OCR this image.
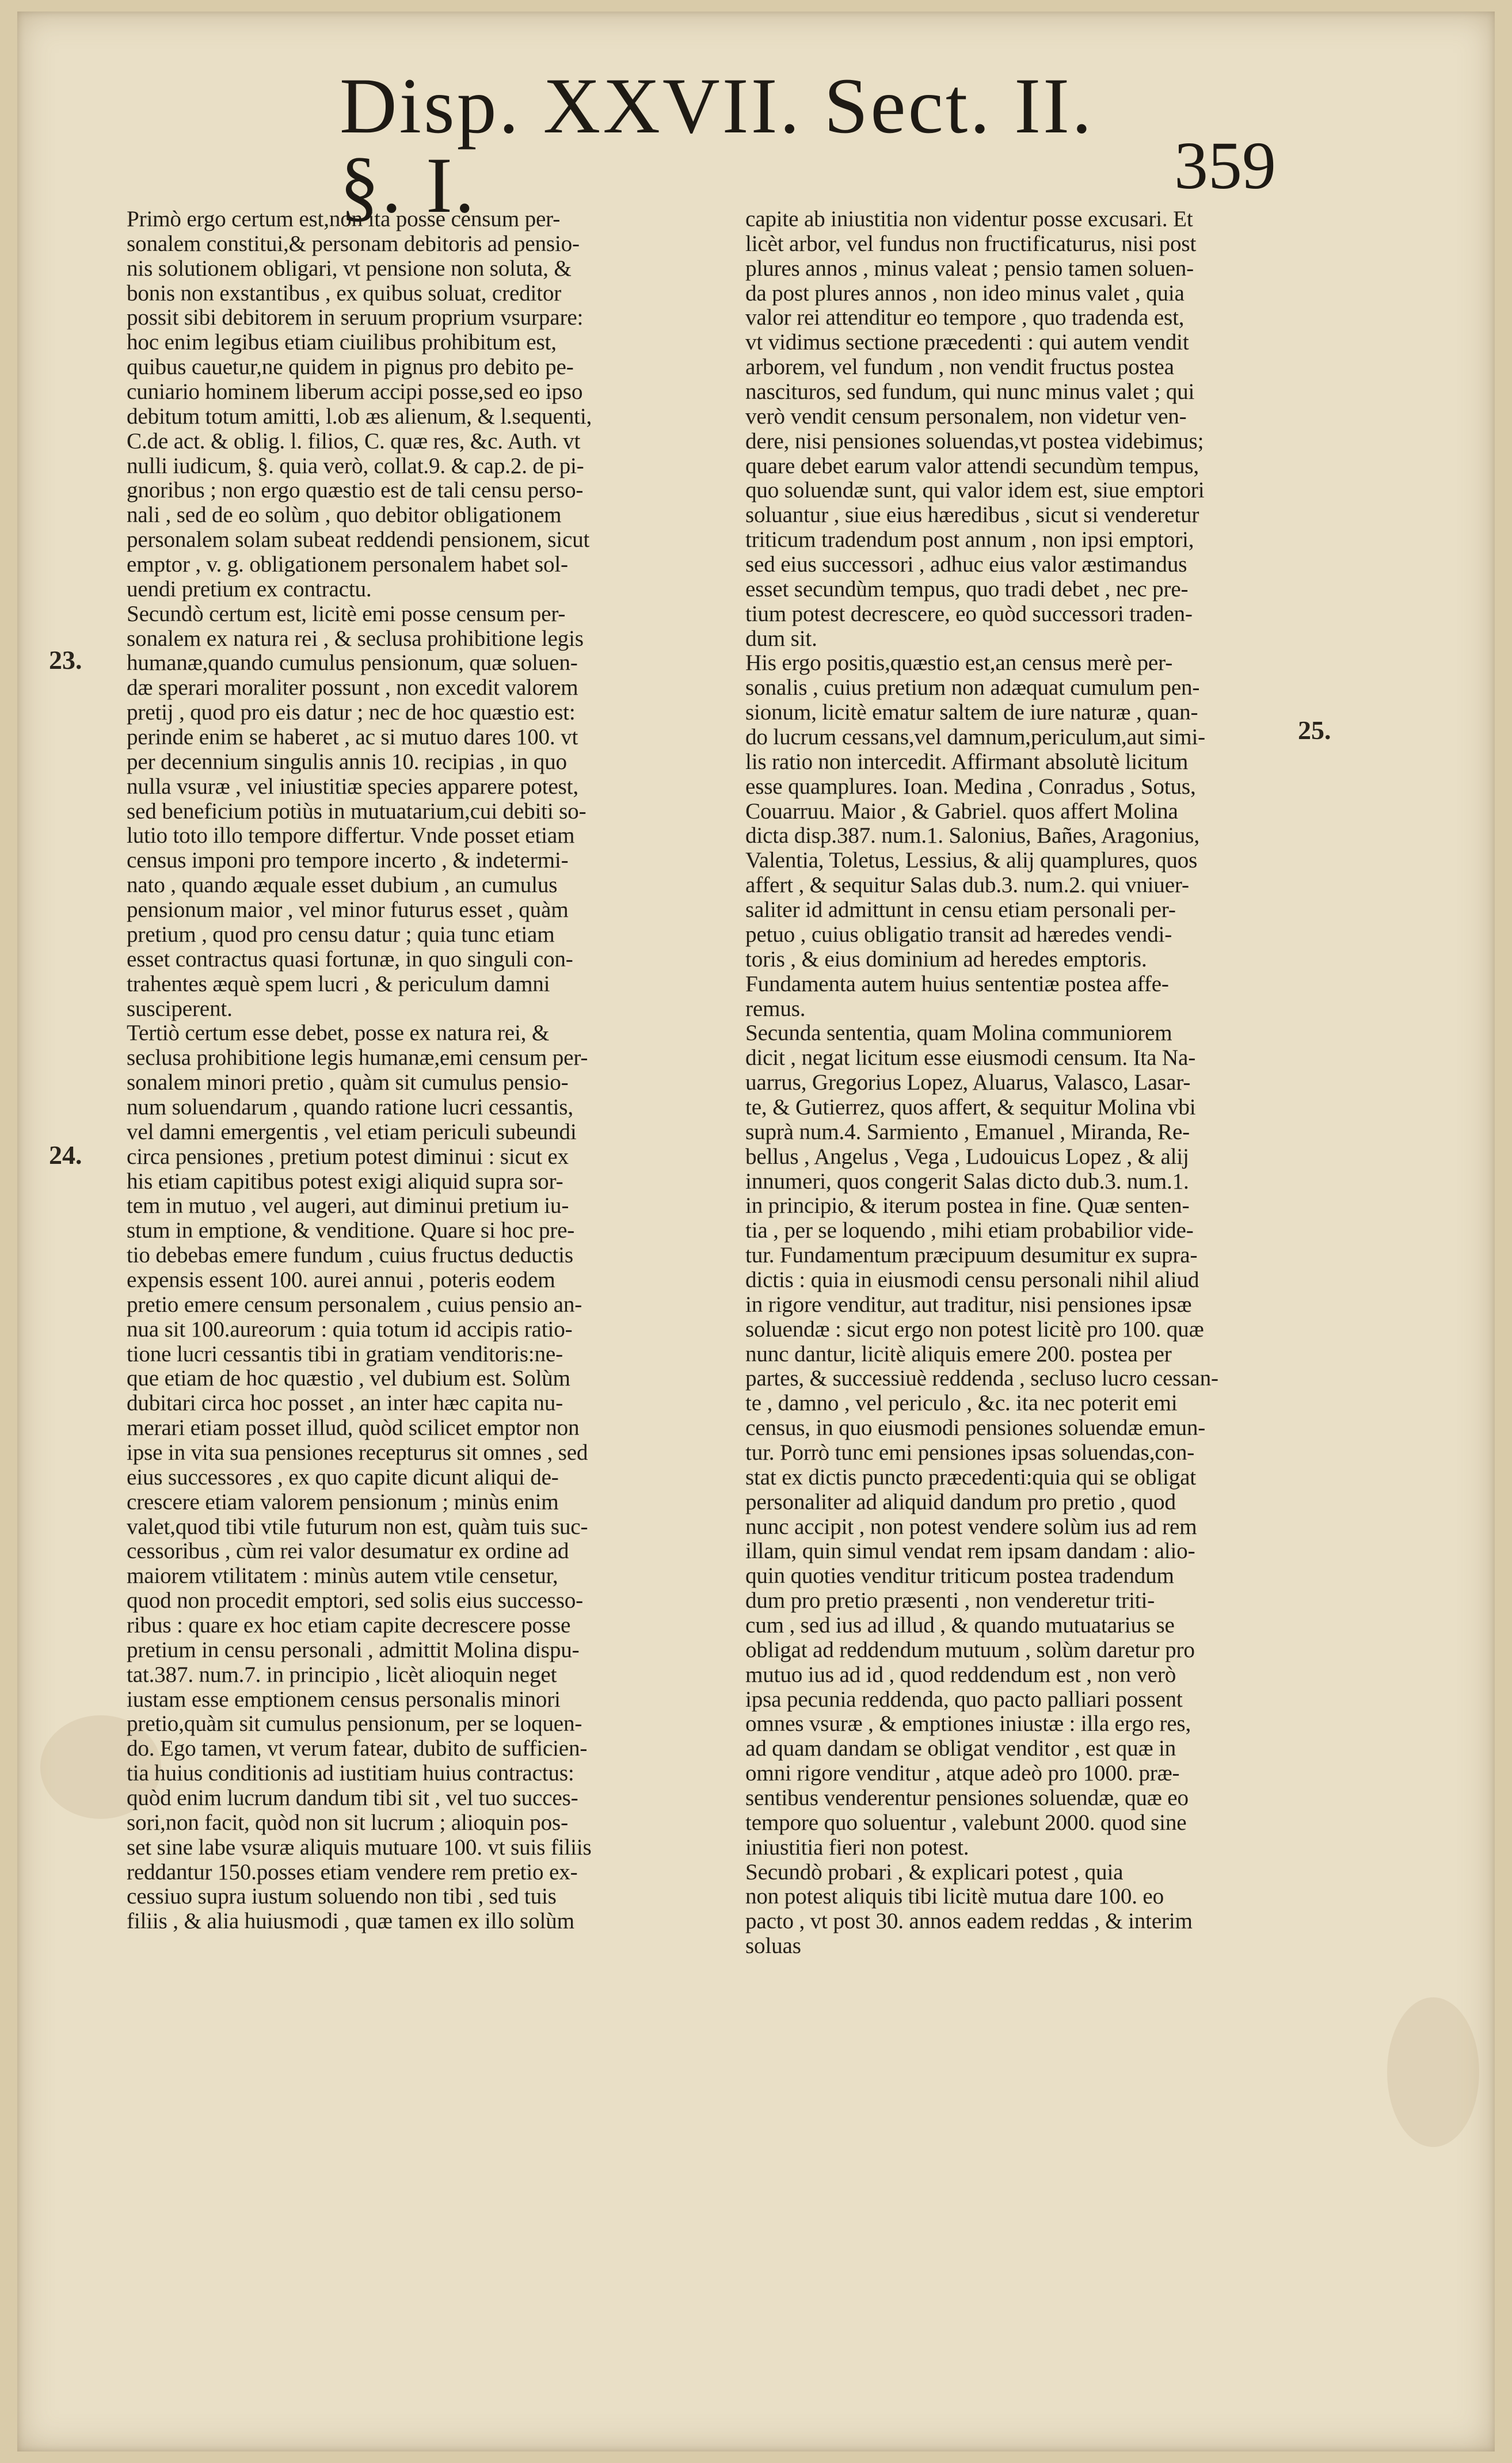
Disp. XXVII. Sect. II. §. I.	359
23.
24.
25.
Primò ergo certum est,non ita posse censum per-
sonalem constitui,& personam debitoris ad pensio-
nis solutionem obligari, vt pensione non soluta, &
bonis non exstantibus , ex quibus soluat, creditor
possit sibi debitorem in seruum proprium vsurpare:
hoc enim legibus etiam ciuilibus prohibitum est,
quibus cauetur,ne quidem in pignus pro debito pe-
cuniario hominem liberum accipi posse,sed eo ipso
debitum totum amitti, l.ob æs alienum, & l.sequenti,
C.de act. & oblig. l. filios, C. quæ res, &c. Auth. vt
nulli iudicum, §. quia verò, collat.9. & cap.2. de pi-
gnoribus ; non ergo quæstio est de tali censu perso-
nali , sed de eo solùm , quo debitor obligationem
personalem solam subeat reddendi pensionem, sicut
emptor , v. g. obligationem personalem habet sol-
uendi pretium ex contractu.
Secundò certum est, licitè emi posse censum per-
sonalem ex natura rei , & seclusa prohibitione legis
humanæ,quando cumulus pensionum, quæ soluen-
dæ sperari moraliter possunt , non excedit valorem
pretij , quod pro eis datur ; nec de hoc quæstio est:
perinde enim se haberet , ac si mutuo dares 100. vt
per decennium singulis annis 10. recipias , in quo
nulla vsuræ , vel iniustitiæ species apparere potest,
sed beneficium potiùs in mutuatarium,cui debiti so-
lutio toto illo tempore differtur. Vnde posset etiam
census imponi pro tempore incerto , & indetermi-
nato , quando æquale esset dubium , an cumulus
pensionum maior , vel minor futurus esset , quàm
pretium , quod pro censu datur ; quia tunc etiam
esset contractus quasi fortunæ, in quo singuli con-
trahentes æquè spem lucri , & periculum damni
susciperent.
Tertiò certum esse debet, posse ex natura rei, &
seclusa prohibitione legis humanæ,emi censum per-
sonalem minori pretio , quàm sit cumulus pensio-
num soluendarum , quando ratione lucri cessantis,
vel damni emergentis , vel etiam periculi subeundi
circa pensiones , pretium potest diminui : sicut ex
his etiam capitibus potest exigi aliquid supra sor-
tem in mutuo , vel augeri, aut diminui pretium iu-
stum in emptione, & venditione. Quare si hoc pre-
tio debebas emere fundum , cuius fructus deductis
expensis essent 100. aurei annui , poteris eodem
pretio emere censum personalem , cuius pensio an-
nua sit 100.aureorum : quia totum id accipis ratio-
tione lucri cessantis tibi in gratiam venditoris:ne-
que etiam de hoc quæstio , vel dubium est. Solùm
dubitari circa hoc posset , an inter hæc capita nu-
merari etiam posset illud, quòd scilicet emptor non
ipse in vita sua pensiones recepturus sit omnes , sed
eius successores , ex quo capite dicunt aliqui de-
crescere etiam valorem pensionum ; minùs enim
valet,quod tibi vtile futurum non est, quàm tuis suc-
cessoribus , cùm rei valor desumatur ex ordine ad
maiorem vtilitatem : minùs autem vtile censetur,
quod non procedit emptori, sed solis eius successo-
ribus : quare ex hoc etiam capite decrescere posse
pretium in censu personali , admittit Molina dispu-
tat.387. num.7. in principio , licèt alioquin neget
iustam esse emptionem census personalis minori
pretio,quàm sit cumulus pensionum, per se loquen-
do. Ego tamen, vt verum fatear, dubito de sufficien-
tia huius conditionis ad iustitiam huius contractus:
quòd enim lucrum dandum tibi sit , vel tuo succes-
sori,non facit, quòd non sit lucrum ; alioquin pos-
set sine labe vsuræ aliquis mutuare 100. vt suis filiis
reddantur 150.posses etiam vendere rem pretio ex-
cessiuo supra iustum soluendo non tibi , sed tuis
filiis , & alia huiusmodi , quæ tamen ex illo solùm
capite ab iniustitia non videntur posse excusari. Et
licèt arbor, vel fundus non fructificaturus, nisi post
plures annos , minus valeat ; pensio tamen soluen-
da post plures annos , non ideo minus valet , quia
valor rei attenditur eo tempore , quo tradenda est,
vt vidimus sectione præcedenti : qui autem vendit
arborem, vel fundum , non vendit fructus postea
nascituros, sed fundum, qui nunc minus valet ; qui
verò vendit censum personalem, non videtur ven-
dere, nisi pensiones soluendas,vt postea videbimus;
quare debet earum valor attendi secundùm tempus,
quo soluendæ sunt, qui valor idem est, siue emptori
soluantur , siue eius hæredibus , sicut si venderetur
triticum tradendum post annum , non ipsi emptori,
sed eius successori , adhuc eius valor æstimandus
esset secundùm tempus, quo tradi debet , nec pre-
tium potest decrescere, eo quòd successori traden-
dum sit.
His ergo positis,quæstio est,an census merè per-
sonalis , cuius pretium non adæquat cumulum pen-
sionum, licitè ematur saltem de iure naturæ , quan-
do lucrum cessans,vel damnum,periculum,aut simi-
lis ratio non intercedit. Affirmant absolutè licitum
esse quamplures. Ioan. Medina , Conradus , Sotus,
Couarruu. Maior , & Gabriel. quos affert Molina
dicta disp.387. num.1. Salonius, Bañes, Aragonius,
Valentia, Toletus, Lessius, & alij quamplures, quos
affert , & sequitur Salas dub.3. num.2. qui vniuer-
saliter id admittunt in censu etiam personali per-
petuo , cuius obligatio transit ad hæredes vendi-
toris , & eius dominium ad heredes emptoris.
Fundamenta autem huius sententiæ postea affe-
remus.
Secunda sententia, quam Molina communiorem
dicit , negat licitum esse eiusmodi censum. Ita Na-
uarrus, Gregorius Lopez, Aluarus, Valasco, Lasar-
te, & Gutierrez, quos affert, & sequitur Molina vbi
suprà num.4. Sarmiento , Emanuel , Miranda, Re-
bellus , Angelus , Vega , Ludouicus Lopez , & alij
innumeri, quos congerit Salas dicto dub.3. num.1.
in principio, & iterum postea in fine. Quæ senten-
tia , per se loquendo , mihi etiam probabilior vide-
tur. Fundamentum præcipuum desumitur ex supra-
dictis : quia in eiusmodi censu personali nihil aliud
in rigore venditur, aut traditur, nisi pensiones ipsæ
soluendæ : sicut ergo non potest licitè pro 100. quæ
nunc dantur, licitè aliquis emere 200. postea per
partes, & successiuè reddenda , secluso lucro cessan-
te , damno , vel periculo , &c. ita nec poterit emi
census, in quo eiusmodi pensiones soluendæ emun-
tur. Porrò tunc emi pensiones ipsas soluendas,con-
stat ex dictis puncto præcedenti:quia qui se obligat
personaliter ad aliquid dandum pro pretio , quod
nunc accipit , non potest vendere solùm ius ad rem
illam, quin simul vendat rem ipsam dandam : alio-
quin quoties venditur triticum postea tradendum
dum pro pretio præsenti , non venderetur triti-
cum , sed ius ad illud , & quando mutuatarius se
obligat ad reddendum mutuum , solùm daretur pro
mutuo ius ad id , quod reddendum est , non verò
ipsa pecunia reddenda, quo pacto palliari possent
omnes vsuræ , & emptiones iniustæ : illa ergo res,
ad quam dandam se obligat venditor , est quæ in
omni rigore venditur , atque adeò pro 1000. præ-
sentibus venderentur pensiones soluendæ, quæ eo
tempore quo soluentur , valebunt 2000. quod sine
iniustitia fieri non potest.
Secundò probari , & explicari potest , quia
non potest aliquis tibi licitè mutua dare 100. eo
pacto , vt post 30. annos eadem reddas , & interim
soluas
